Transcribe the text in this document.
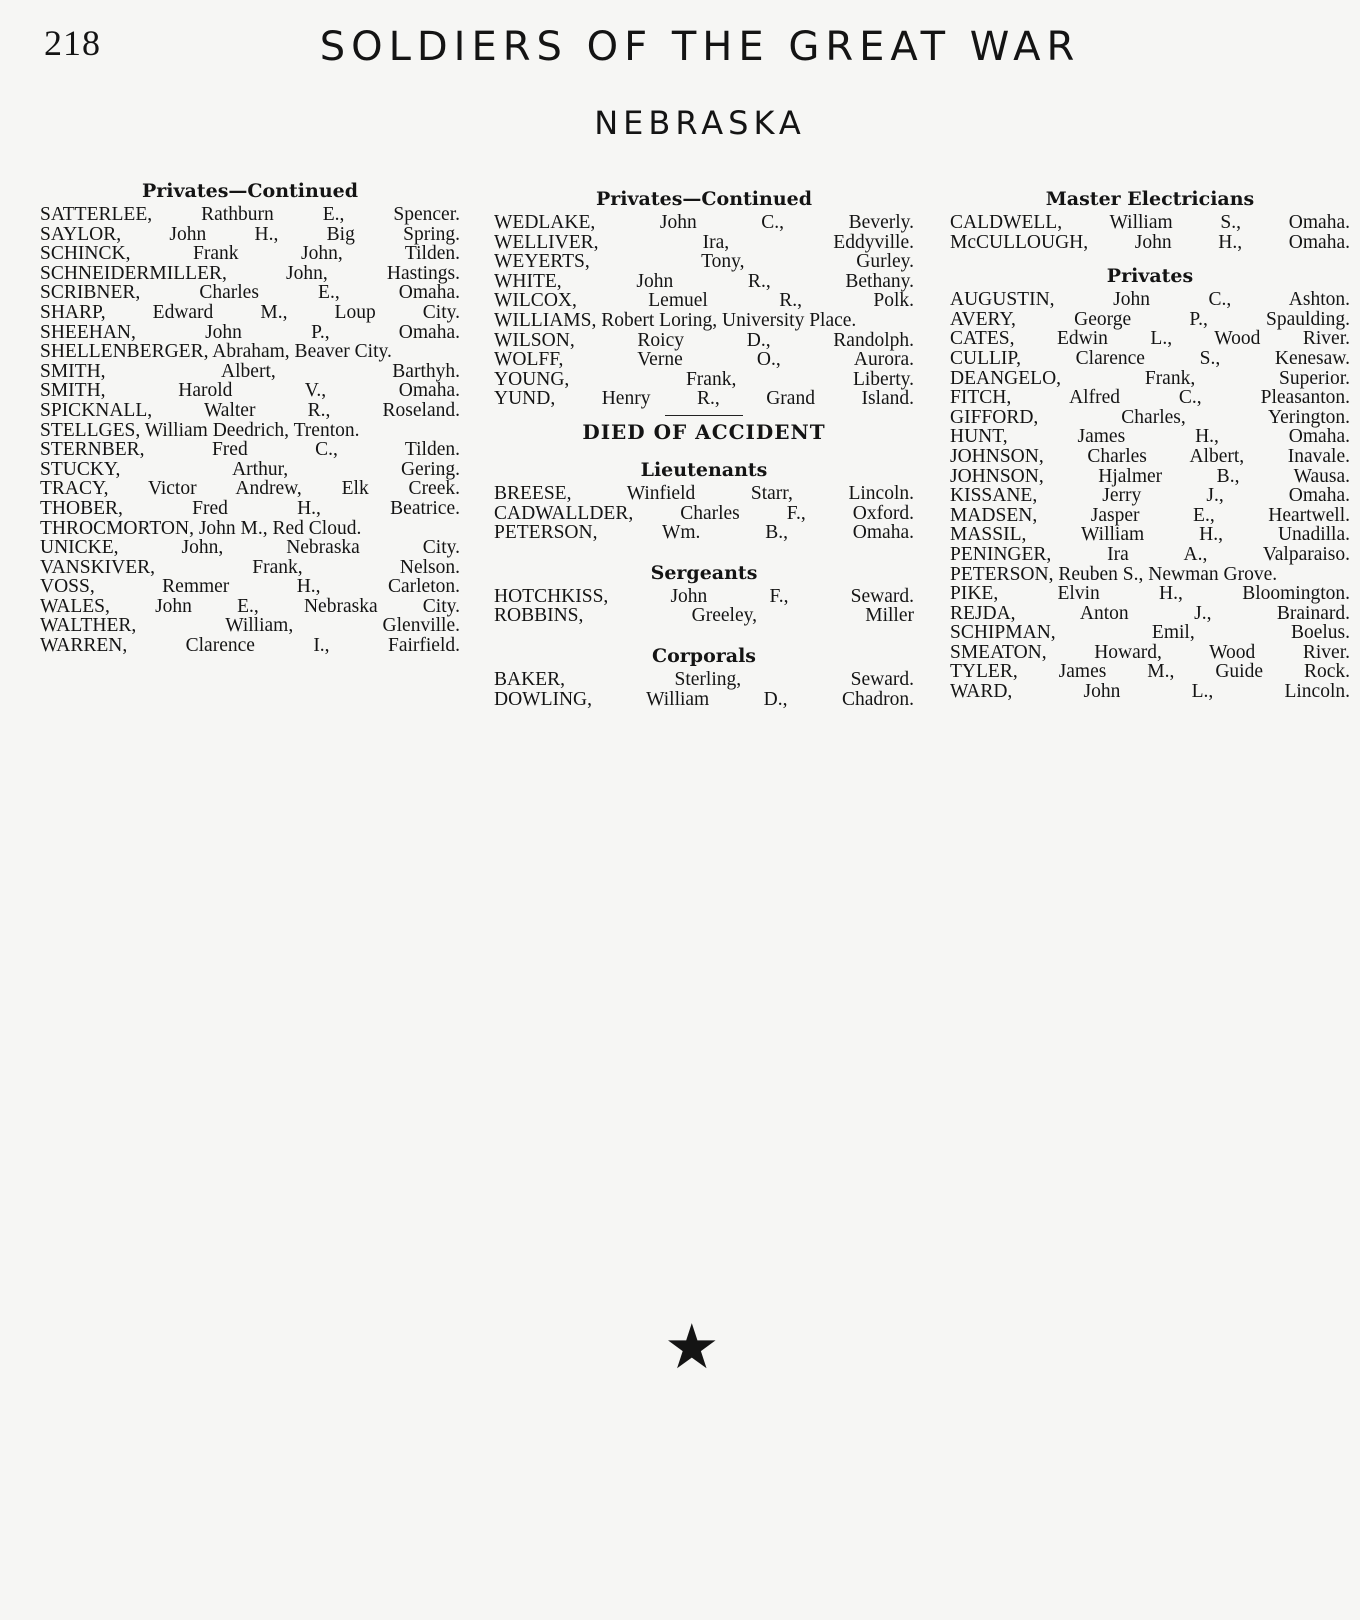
218	SOLDIERS OF THE GREAT WAR
NEBRASKA
Privates—Continued
SATTERLEE, Rathburn E., Spencer.
SAYLOR, John H., Big Spring.
SCHINCK, Frank John, Tilden.
SCHNEIDERMILLER, John, Hastings.
SCRIBNER, Charles E., Omaha.
SHARP, Edward M., Loup City.
SHEEHAN, John P., Omaha.
SHELLENBERGER, Abraham, Beaver City.
SMITH, Albert, Barthyh.
SMITH, Harold V., Omaha.
SPICKNALL, Walter R., Roseland.
STELLGES, William Deedrich, Trenton.
STERNBER, Fred C., Tilden.
STUCKY, Arthur, Gering.
TRACY, Victor Andrew, Elk Creek.
THOBER, Fred H., Beatrice.
THROCMORTON, John M., Red Cloud.
UNICKE, John, Nebraska City.
VANSKIVER, Frank, Nelson.
VOSS, Remmer H., Carleton.
WALES, John E., Nebraska City.
WALTHER, William, Glenville.
WARREN, Clarence I., Fairfield.
Privates—Continued
WEDLAKE, John C., Beverly.
WELLIVER, Ira, Eddyville.
WEYERTS, Tony, Gurley.
WHITE, John R., Bethany.
WILCOX, Lemuel R., Polk.
WILLIAMS, Robert Loring, University Place.
WILSON, Roicy D., Randolph.
WOLFF, Verne O., Aurora.
YOUNG, Frank, Liberty.
YUND, Henry R., Grand Island.
DIED OF ACCIDENT
Lieutenants
BREESE, Winfield Starr, Lincoln.
CADWALLDER, Charles F., Oxford.
PETERSON, Wm. B., Omaha.
Sergeants
HOTCHKISS, John F., Seward.
ROBBINS, Greeley, Miller
Corporals
BAKER, Sterling, Seward.
DOWLING, William D., Chadron.
Master Electricians
CALDWELL, William S., Omaha.
McCULLOUGH, John H., Omaha.
Privates
AUGUSTIN, John C., Ashton.
AVERY, George P., Spaulding.
CATES, Edwin L., Wood River.
CULLIP, Clarence S., Kenesaw.
DEANGELO, Frank, Superior.
FITCH, Alfred C., Pleasanton.
GIFFORD, Charles, Yerington.
HUNT, James H., Omaha.
JOHNSON, Charles Albert, Inavale.
JOHNSON, Hjalmer B., Wausa.
KISSANE, Jerry J., Omaha.
MADSEN, Jasper E., Heartwell.
MASSIL, William H., Unadilla.
PENINGER, Ira A., Valparaiso.
PETERSON, Reuben S., Newman Grove.
PIKE, Elvin H., Bloomington.
REJDA, Anton J., Brainard.
SCHIPMAN, Emil, Boelus.
SMEATON, Howard, Wood River.
TYLER, James M., Guide Rock.
WARD, John L., Lincoln.
★
